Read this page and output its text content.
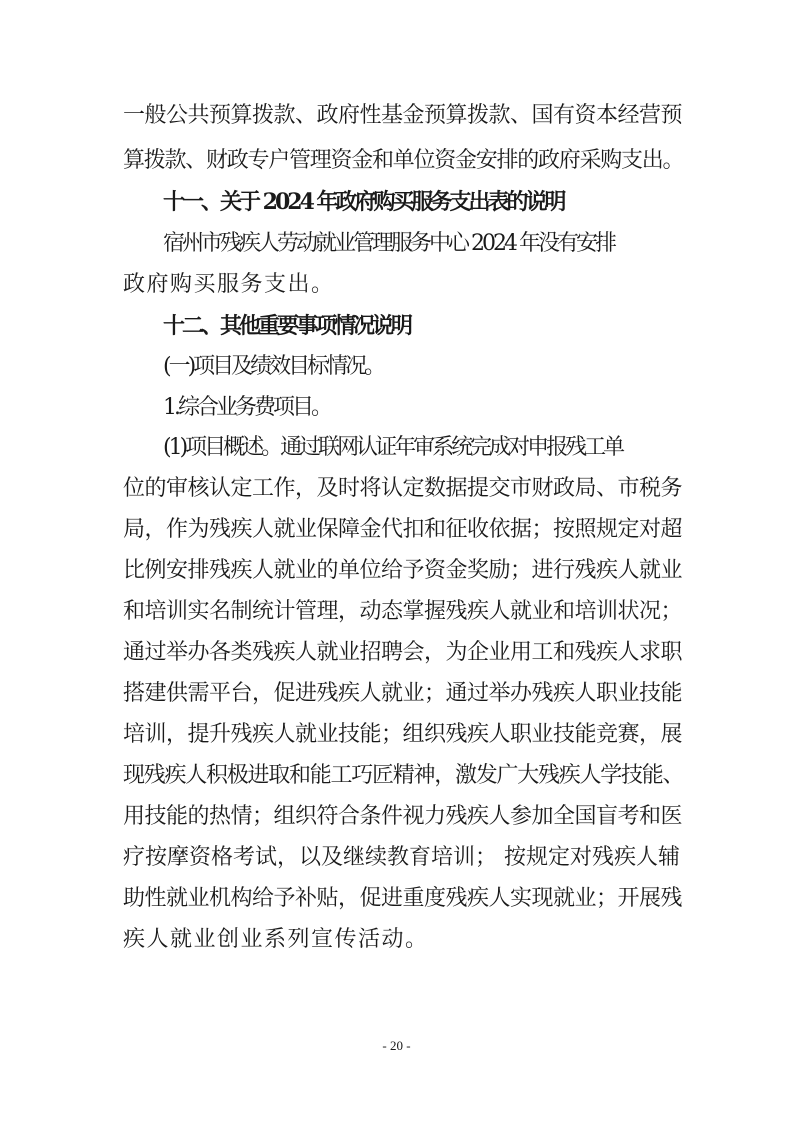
一般公共预算拨款、政府性基金预算拨款、国有资本经营预
算拨款、财政专户管理资金和单位资金安排的政府采购支出。
十一、关于 2024 年政府购买服务支出表的说明
宿州市残疾人劳动就业管理服务中心 2024 年没有安排
政府购买服务支出。
十二、其他重要事项情况说明
(一)项目及绩效目标情况。
1.综合业务费项目。
(1)项目概述。通过联网认证年审系统完成对申报残工单
位的审核认定工作，及时将认定数据提交市财政局、市税务
局，作为残疾人就业保障金代扣和征收依据；按照规定对超
比例安排残疾人就业的单位给予资金奖励；进行残疾人就业
和培训实名制统计管理，动态掌握残疾人就业和培训状况；
通过举办各类残疾人就业招聘会，为企业用工和残疾人求职
搭建供需平台，促进残疾人就业；通过举办残疾人职业技能
培训，提升残疾人就业技能；组织残疾人职业技能竞赛，展
现残疾人积极进取和能工巧匠精神，激发广大残疾人学技能、
用技能的热情；组织符合条件视力残疾人参加全国盲考和医
疗按摩资格考试，以及继续教育培训； 按规定对残疾人辅
助性就业机构给予补贴，促进重度残疾人实现就业；开展残
疾人就业创业系列宣传活动。
- 20 -
